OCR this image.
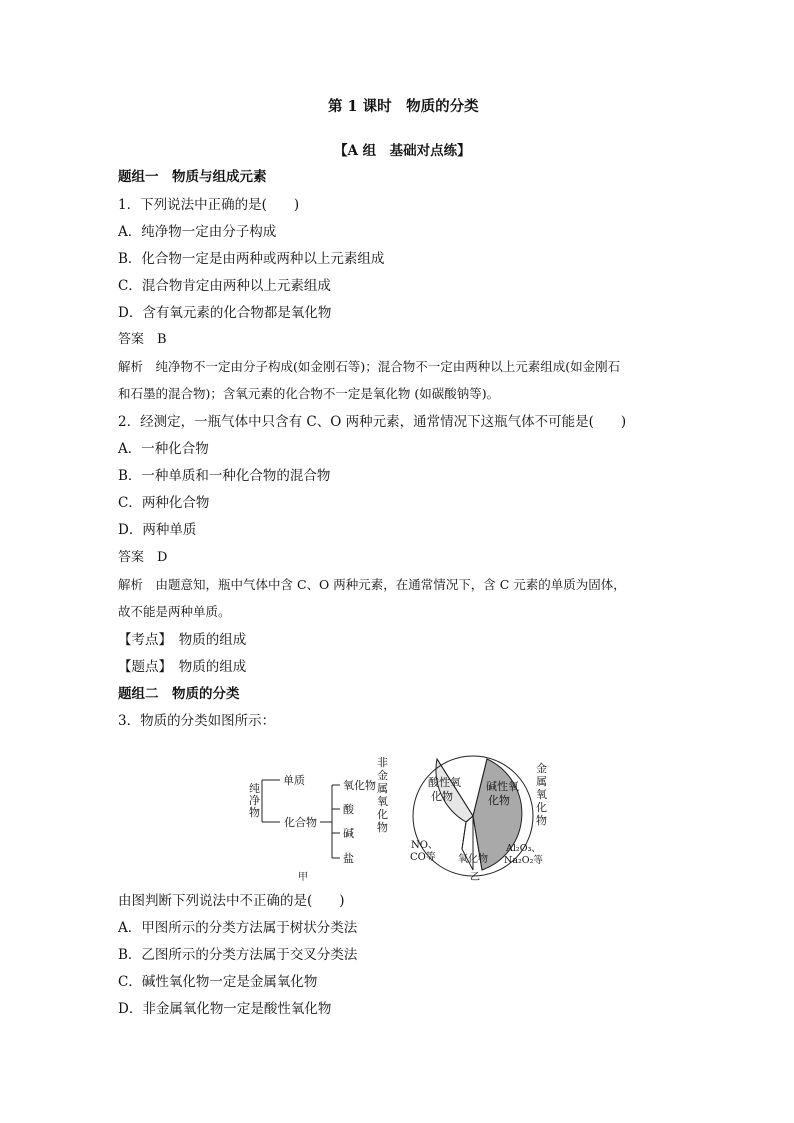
第 1 课时　物质的分类
【A 组　基础对点练】
题组一　物质与组成元素
1．下列说法中正确的是(　　)
A．纯净物一定由分子构成
B．化合物一定是由两种或两种以上元素组成
C．混合物肯定由两种以上元素组成
D．含有氧元素的化合物都是氧化物
答案　B
解析　纯净物不一定由分子构成(如金刚石等)；混合物不一定由两种以上元素组成(如金刚石
和石墨的混合物)；含氧元素的化合物不一定是氧化物 (如碳酸钠等)。
2．经测定，一瓶气体中只含有 C、O 两种元素，通常情况下这瓶气体不可能是(　　)
A．一种化合物
B．一种单质和一种化合物的混合物
C．两种化合物
D．两种单质
答案　D
解析　由题意知，瓶中气体中含 C、O 两种元素，在通常情况下，含 C 元素的单质为固体，
故不能是两种单质。
【考点】　物质的组成
【题点】　物质的组成
题组二　物质的分类
3．物质的分类如图所示：
纯
净
物
单质
化合物
氧化物
酸
碱
盐
甲
非
金
属
氧
化
物
金
属
氧
化
物
酸性氧
化物
碱性氧
化物
NO、
CO等 氧化物
Al₂O₃、
Na₂O₂等
乙
由图判断下列说法中不正确的是(　　)
A．甲图所示的分类方法属于树状分类法
B．乙图所示的分类方法属于交叉分类法
C．碱性氧化物一定是金属氧化物
D．非金属氧化物一定是酸性氧化物
